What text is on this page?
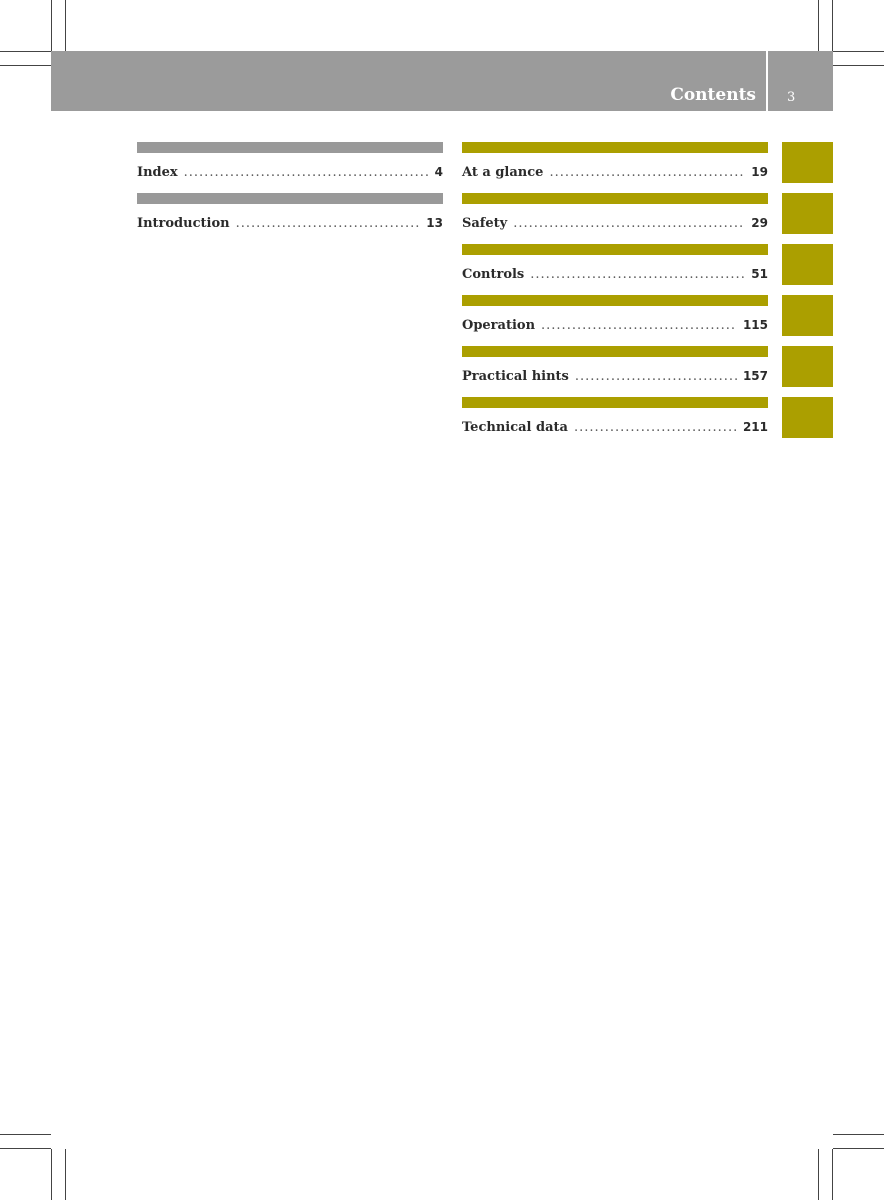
Contents 3
Index .....	4
Introduction .....	13
At a glance .....	19
Safety .....	29
Controls .....	51
Operation .....	115
Practical hints .....	157
Technical data .....	211
